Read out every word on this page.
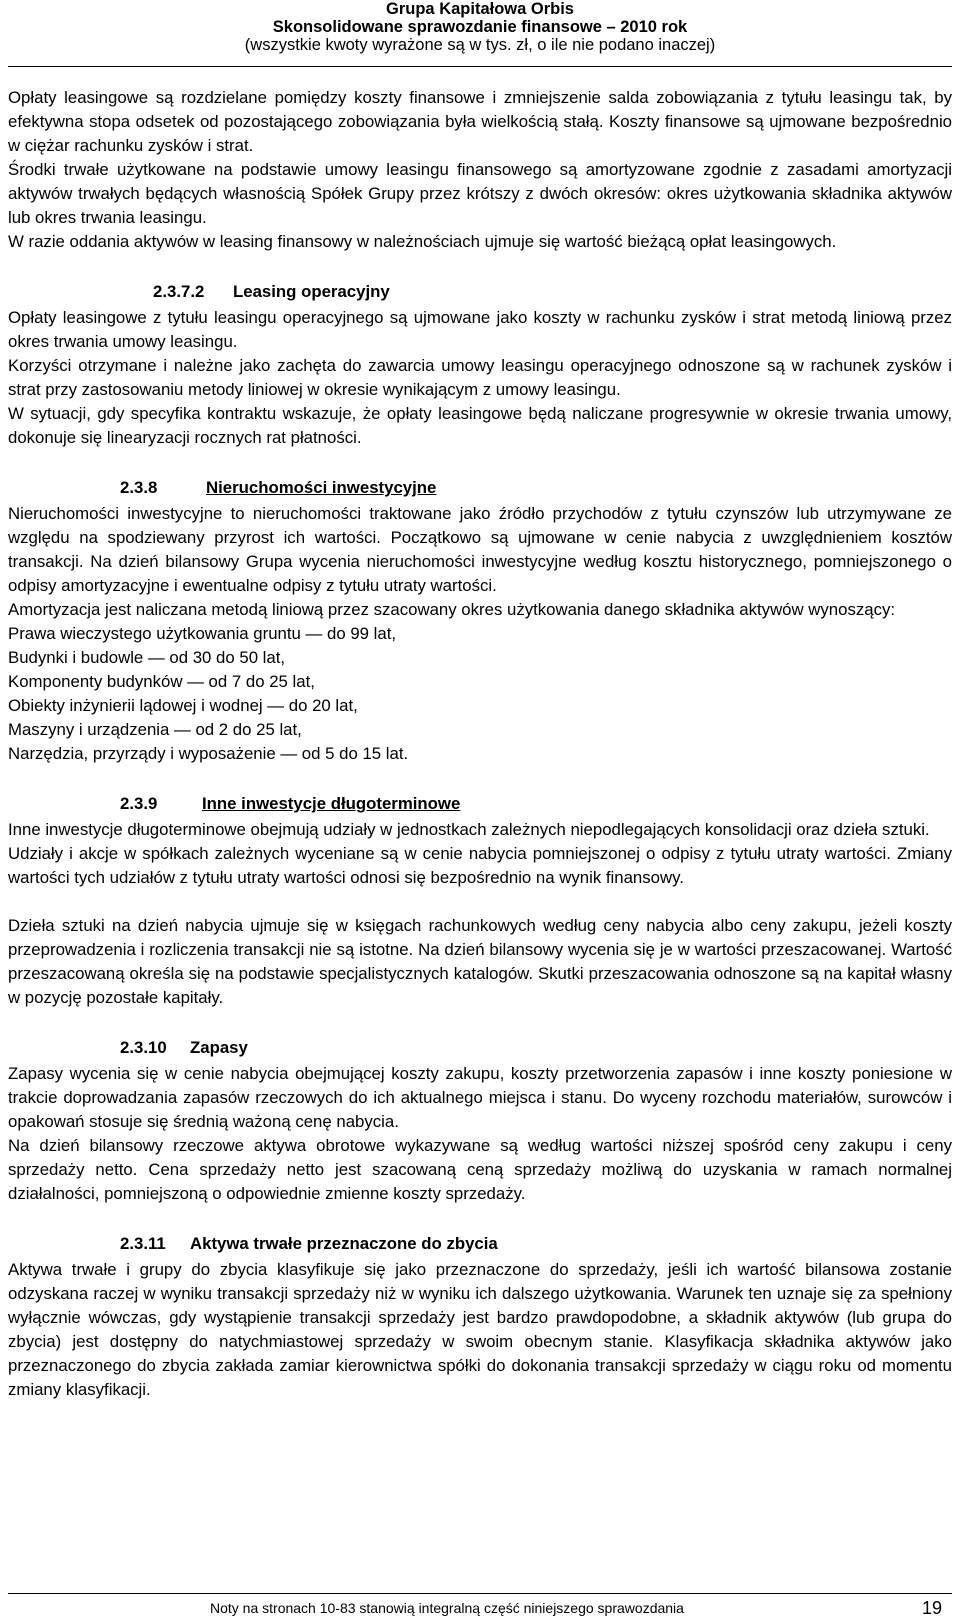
Grupa Kapitałowa Orbis
Skonsolidowane sprawozdanie finansowe – 2010 rok
(wszystkie kwoty wyrażone są w tys. zł, o ile nie podano inaczej)

Opłaty leasingowe są rozdzielane pomiędzy koszty finansowe i zmniejszenie salda zobowiązania z tytułu leasingu tak, by efektywna stopa odsetek od pozostającego zobowiązania była wielkością stałą. Koszty finansowe są ujmowane bezpośrednio w ciężar rachunku zysków i strat.

Środki trwałe użytkowane na podstawie umowy leasingu finansowego są amortyzowane zgodnie z zasadami amortyzacji aktywów trwałych będących własnością Spółek Grupy przez krótszy z dwóch okresów: okres użytkowania składnika aktywów lub okres trwania leasingu.

W razie oddania aktywów w leasing finansowy w należnościach ujmuje się wartość bieżącą opłat leasingowych.

2.3.7.2 Leasing operacyjny

Opłaty leasingowe z tytułu leasingu operacyjnego są ujmowane jako koszty w rachunku zysków i strat metodą liniową przez okres trwania umowy leasingu.

Korzyści otrzymane i należne jako zachęta do zawarcia umowy leasingu operacyjnego odnoszone są w rachunek zysków i strat przy zastosowaniu metody liniowej w okresie wynikającym z umowy leasingu.

W sytuacji, gdy specyfika kontraktu wskazuje, że opłaty leasingowe będą naliczane progresywnie w okresie trwania umowy, dokonuje się linearyzacji rocznych rat płatności.

2.3.8	Nieruchomości inwestycyjne

Nieruchomości inwestycyjne to nieruchomości traktowane jako źródło przychodów z tytułu czynszów lub utrzymywane ze względu na spodziewany przyrost ich wartości. Początkowo są ujmowane w cenie nabycia z uwzględnieniem kosztów transakcji. Na dzień bilansowy Grupa wycenia nieruchomości inwestycyjne według kosztu historycznego, pomniejszonego o odpisy amortyzacyjne i ewentualne odpisy z tytułu utraty wartości.

Amortyzacja jest naliczana metodą liniową przez szacowany okres użytkowania danego składnika aktywów wynoszący:

Prawa wieczystego użytkowania gruntu — do 99 lat,

Budynki i budowle — od 30 do 50 lat,

Komponenty budynków — od 7 do 25 lat,

Obiekty inżynierii lądowej i wodnej — do 20 lat,

Maszyny i urządzenia — od 2 do 25 lat,

Narzędzia, przyrządy i wyposażenie — od 5 do 15 lat.

2.3.9	Inne inwestycje długoterminowe

Inne inwestycje długoterminowe obejmują udziały w jednostkach zależnych niepodlegających konsolidacji oraz dzieła sztuki.

Udziały i akcje w spółkach zależnych wyceniane są w cenie nabycia pomniejszonej o odpisy z tytułu utraty wartości. Zmiany wartości tych udziałów z tytułu utraty wartości odnosi się bezpośrednio na wynik finansowy.

Dzieła sztuki na dzień nabycia ujmuje się w księgach rachunkowych według ceny nabycia albo ceny zakupu, jeżeli koszty przeprowadzenia i rozliczenia transakcji nie są istotne. Na dzień bilansowy wycenia się je w wartości przeszacowanej. Wartość przeszacowaną określa się na podstawie specjalistycznych katalogów. Skutki przeszacowania odnoszone są na kapitał własny w pozycję pozostałe kapitały.

2.3.10 Zapasy

Zapasy wycenia się w cenie nabycia obejmującej koszty zakupu, koszty przetworzenia zapasów i inne koszty poniesione w trakcie doprowadzania zapasów rzeczowych do ich aktualnego miejsca i stanu. Do wyceny rozchodu materiałów, surowców i opakowań stosuje się średnią ważoną cenę nabycia.

Na dzień bilansowy rzeczowe aktywa obrotowe wykazywane są według wartości niższej spośród ceny zakupu i ceny sprzedaży netto. Cena sprzedaży netto jest szacowaną ceną sprzedaży możliwą do uzyskania w ramach normalnej działalności, pomniejszoną o odpowiednie zmienne koszty sprzedaży.

2.3.11 Aktywa trwałe przeznaczone do zbycia

Aktywa trwałe i grupy do zbycia klasyfikuje się jako przeznaczone do sprzedaży, jeśli ich wartość bilansowa zostanie odzyskana raczej w wyniku transakcji sprzedaży niż w wyniku ich dalszego użytkowania. Warunek ten uznaje się za spełniony wyłącznie wówczas, gdy wystąpienie transakcji sprzedaży jest bardzo prawdopodobne, a składnik aktywów (lub grupa do zbycia) jest dostępny do natychmiastowej sprzedaży w swoim obecnym stanie. Klasyfikacja składnika aktywów jako przeznaczonego do zbycia zakłada zamiar kierownictwa spółki do dokonania transakcji sprzedaży w ciągu roku od momentu zmiany klasyfikacji.

Noty na stronach 10-83 stanowią integralną część niniejszego sprawozdania	19
